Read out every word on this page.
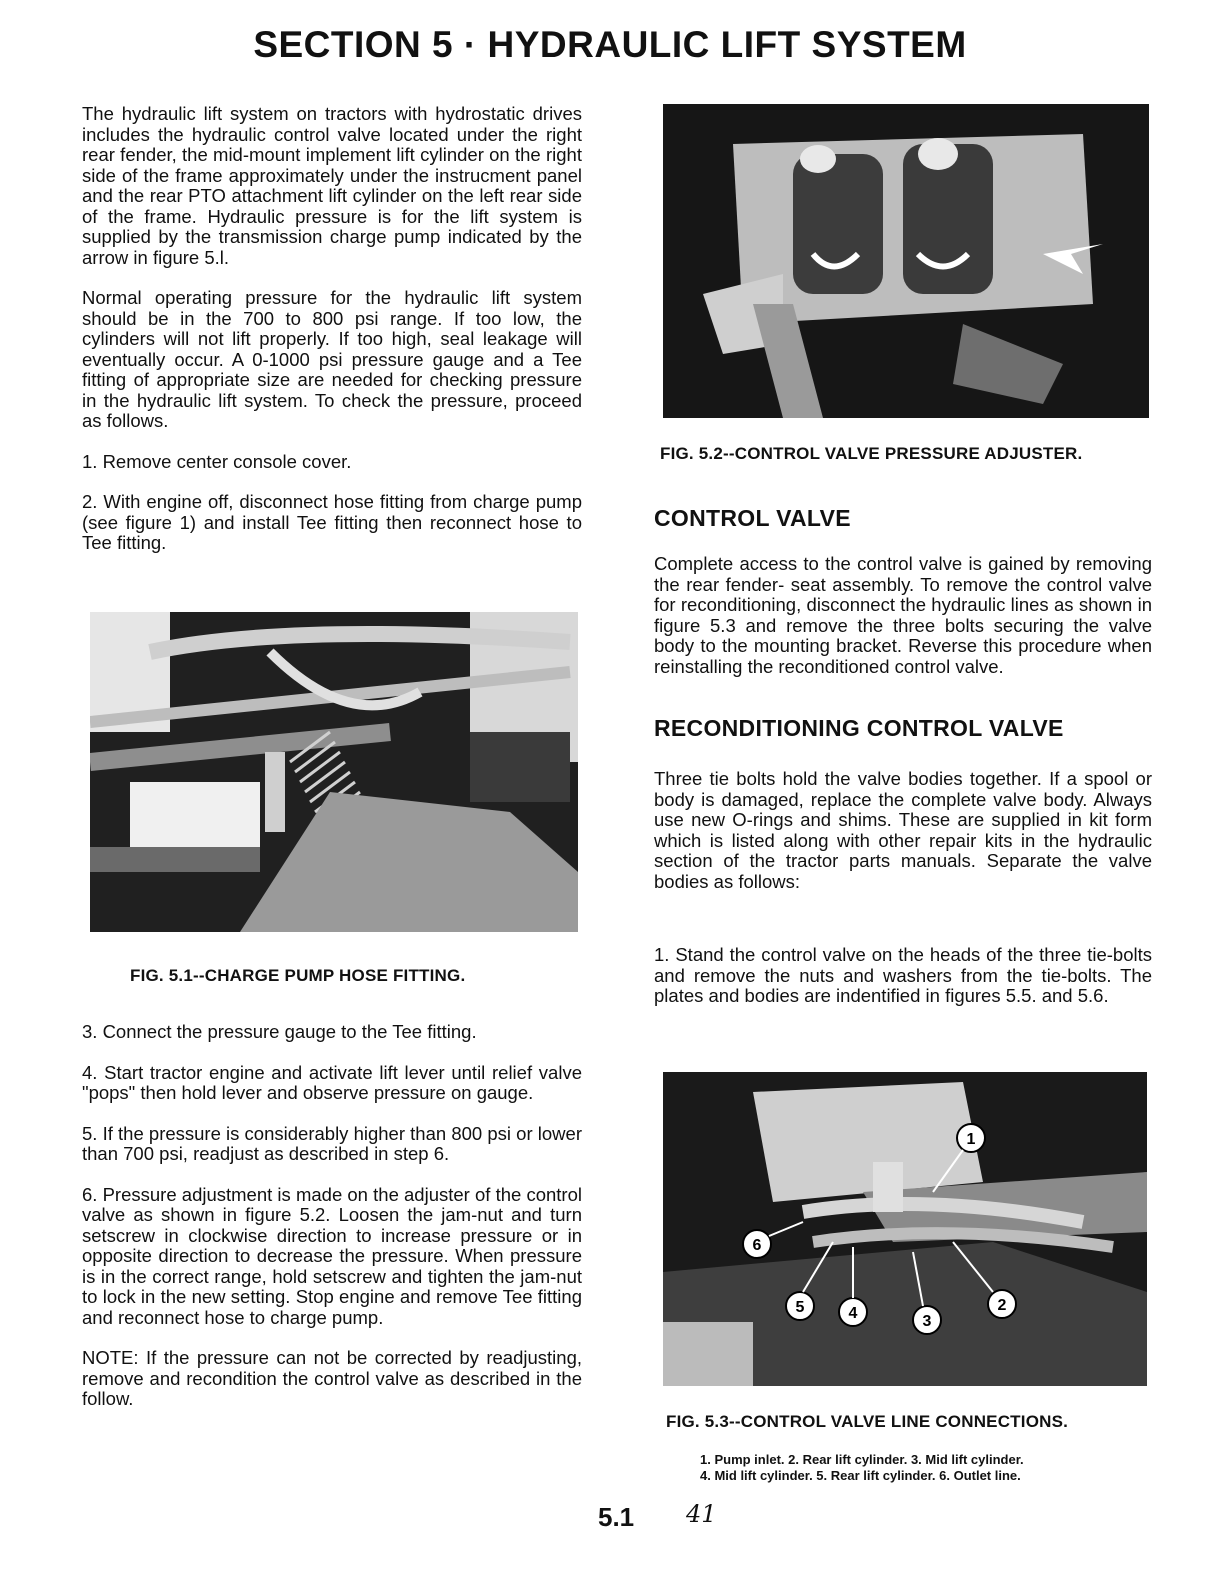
SECTION 5 · HYDRAULIC LIFT SYSTEM

The hydraulic lift system on tractors with hydrostatic drives includes the hydraulic control valve located under the right rear fender, the mid-mount implement lift cylinder on the right side of the frame approximately under the instrucment panel and the rear PTO attachment lift cylinder on the left rear side of the frame. Hydraulic pressure is for the lift system is supplied by the transmission charge pump indicated by the arrow in figure 5.l.

Normal operating pressure for the hydraulic lift system should be in the 700 to 800 psi range. If too low, the cylinders will not lift properly. If too high, seal leakage will eventually occur. A 0-1000 psi pressure gauge and a Tee fitting of appropriate size are needed for checking pressure in the hydraulic lift system. To check the pressure, proceed as follows.

1. Remove center console cover.

2. With engine off, disconnect hose fitting from charge pump (see figure 1) and install Tee fitting then reconnect hose to Tee fitting.

FIG. 5.1--CHARGE PUMP HOSE FITTING.

3. Connect the pressure gauge to the Tee fitting.

4. Start tractor engine and activate lift lever until relief valve "pops" then hold lever and observe pressure on gauge.

5. If the pressure is considerably higher than 800 psi or lower than 700 psi, readjust as described in step 6.

6. Pressure adjustment is made on the adjuster of the control valve as shown in figure 5.2. Loosen the jam-nut and turn setscrew in clockwise direction to increase pressure or in opposite direction to decrease the pressure. When pressure is in the correct range, hold setscrew and tighten the jam-nut to lock in the new setting. Stop engine and remove Tee fitting and reconnect hose to charge pump.

NOTE: If the pressure can not be corrected by readjusting, remove and recondition the control valve as described in the follow.

FIG. 5.2--CONTROL VALVE PRESSURE ADJUSTER.
CONTROL VALVE

Complete access to the control valve is gained by removing the rear fender- seat assembly. To remove the control valve for reconditioning, disconnect the hydraulic lines as shown in figure 5.3 and remove the three bolts securing the valve body to the mounting bracket. Reverse this procedure when reinstalling the reconditioned control valve.

RECONDITIONING CONTROL VALVE

Three tie bolts hold the valve bodies together. If a spool or body is damaged, replace the complete valve body. Always use new O-rings and shims. These are supplied in kit form which is listed along with other repair kits in the hydraulic section of the tractor parts manuals. Separate the valve bodies as follows:

1. Stand the control valve on the heads of the three tie-bolts and remove the nuts and washers from the tie-bolts. The plates and bodies are indentified in figures 5.5. and 5.6.

1
2
3
4
5
6
FIG. 5.3--CONTROL VALVE LINE CONNECTIONS.
1. Pump inlet. 2. Rear lift cylinder. 3. Mid lift cylinder.
4. Mid lift cylinder. 5. Rear lift cylinder. 6. Outlet line.
5.1 41
